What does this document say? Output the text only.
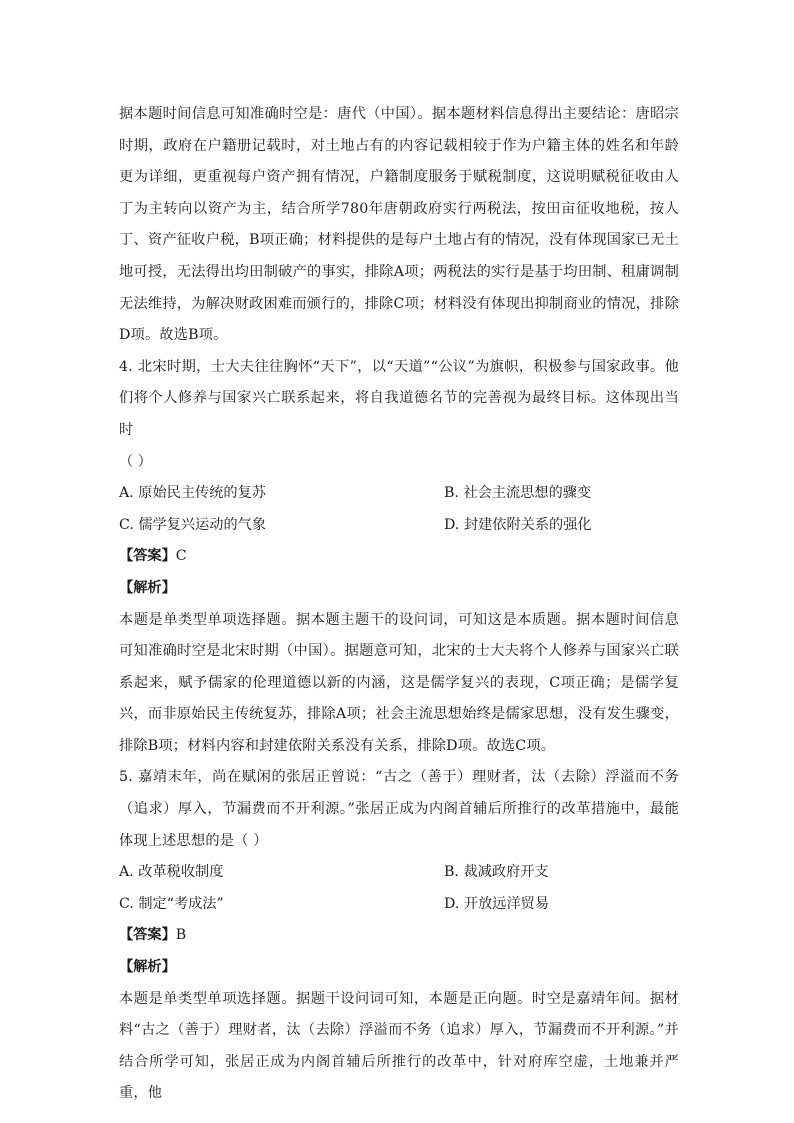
据本题时间信息可知准确时空是：唐代（中国）。据本题材料信息得出主要结论：唐昭宗时期，政府在户籍册记载时，对土地占有的内容记载相较于作为户籍主体的姓名和年龄更为详细，更重视每户资产拥有情况，户籍制度服务于赋税制度，这说明赋税征收由人丁为主转向以资产为主，结合所学780年唐朝政府实行两税法，按田亩征收地税，按人丁、资产征收户税，B项正确；材料提供的是每户土地占有的情况，没有体现国家已无土地可授，无法得出均田制破产的事实，排除A项；两税法的实行是基于均田制、租庸调制无法维持，为解决财政困难而颁行的，排除C项；材料没有体现出抑制商业的情况，排除D项。故选B项。

4. 北宋时期，士大夫往往胸怀“天下”，以“天道”“公议”为旗帜，积极参与国家政事。他们将个人修养与国家兴亡联系起来，将自我道德名节的完善视为最终目标。这体现出当时

（ ）

A. 原始民主传统的复苏	B. 社会主流思想的骤变
C. 儒学复兴运动的气象	D. 封建依附关系的强化

【答案】C

【解析】

本题是单类型单项选择题。据本题主题干的设问词，可知这是本质题。据本题时间信息可知准确时空是北宋时期（中国）。据题意可知，北宋的士大夫将个人修养与国家兴亡联系起来，赋予儒家的伦理道德以新的内涵，这是儒学复兴的表现，C项正确；是儒学复兴，而非原始民主传统复苏，排除A项；社会主流思想始终是儒家思想，没有发生骤变，排除B项；材料内容和封建依附关系没有关系，排除D项。故选C项。

5. 嘉靖末年，尚在赋闲的张居正曾说：“古之（善于）理财者，汰（去除）浮溢而不务（追求）厚入，节漏费而不开利源。”张居正成为内阁首辅后所推行的改革措施中，最能体现上述思想的是（ ）

A. 改革税收制度	B. 裁减政府开支
C. 制定“考成法”	D. 开放远洋贸易

【答案】B

【解析】

本题是单类型单项选择题。据题干设问词可知，本题是正向题。时空是嘉靖年间。据材料“古之（善于）理财者，汰（去除）浮溢而不务（追求）厚入，节漏费而不开利源。”并结合所学可知，张居正成为内阁首辅后所推行的改革中，针对府库空虚，土地兼并严重，他
